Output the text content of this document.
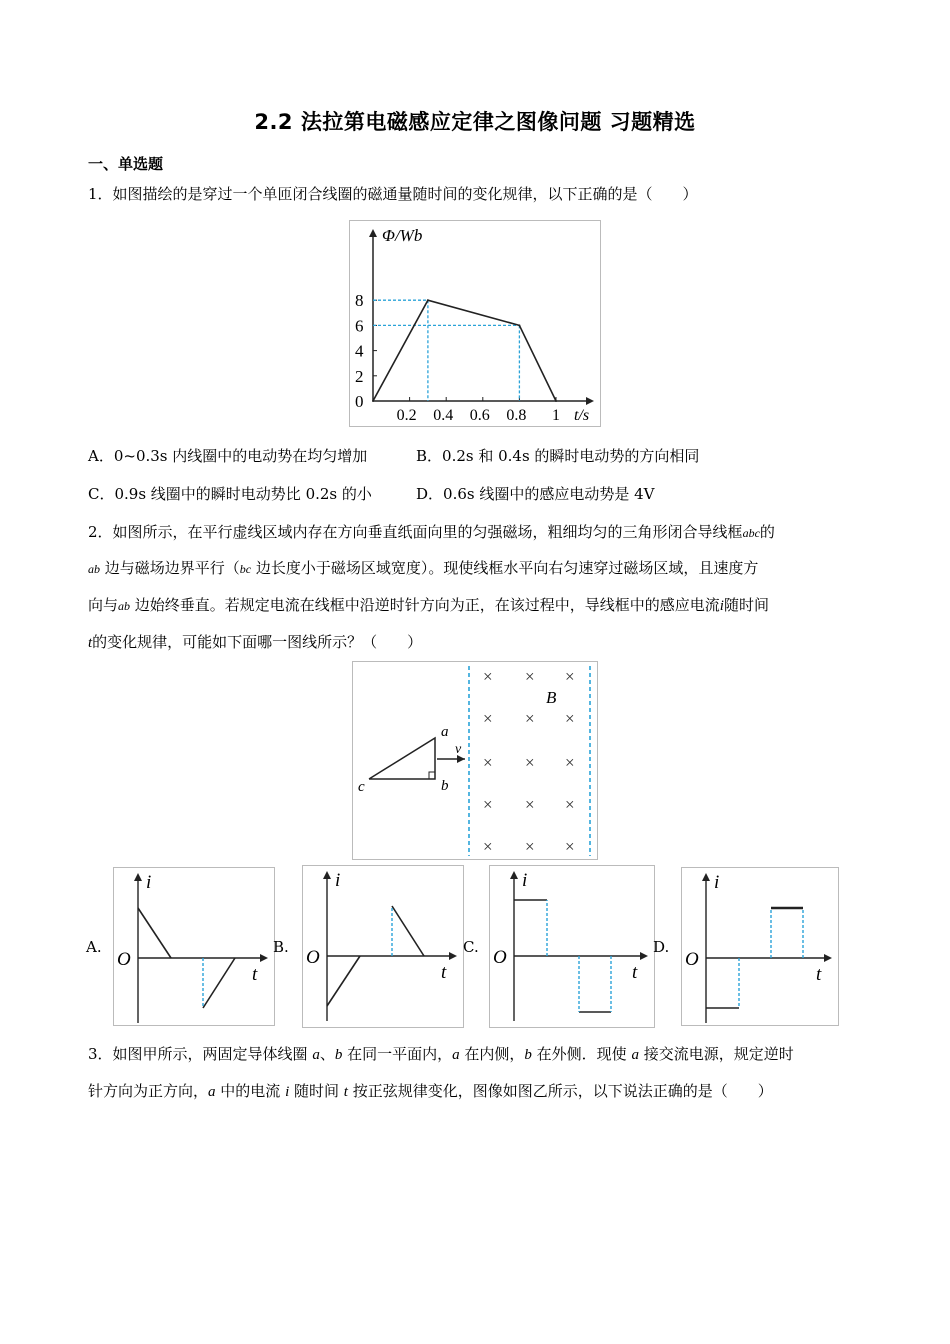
2.2 法拉第电磁感应定律之图像问题 习题精选
一、单选题
1．如图描绘的是穿过一个单匝闭合线圈的磁通量随时间的变化规律，以下正确的是（　　）
0
2
4
6
8
0.2 0.4 0.6 0.8 1
Φ/Wb
t/s
A．0~0.3s 内线圈中的电动势在均匀增加	B．0.2s 和 0.4s 的瞬时电动势的方向相同
C．0.9s 线圈中的瞬时电动势比 0.2s 的小	D．0.6s 线圈中的感应电动势是 4V
2．如图所示，在平行虚线区域内存在方向垂直纸面向里的匀强磁场，粗细均匀的三角形闭合导线框abc的
ab 边与磁场边界平行（bc 边长度小于磁场区域宽度）。现使线框水平向右匀速穿过磁场区域，且速度方
向与ab 边始终垂直。若规定电流在线框中沿逆时针方向为正，在该过程中，导线框中的感应电流i随时间
t的变化规律，可能如下面哪一图线所示？（　　）
× × ×
× × ×
× × ×
× × ×
× × ×
B
a
b
c
v
A.
i
t
O
B.
i
t
O	C.
i
t
O	D.
i
t
O
3．如图甲所示，两固定导体线圈 a、b 在同一平面内，a 在内侧，b 在外侧．现使 a 接交流电源，规定逆时
针方向为正方向，a 中的电流 i 随时间 t 按正弦规律变化，图像如图乙所示，以下说法正确的是（　　）
